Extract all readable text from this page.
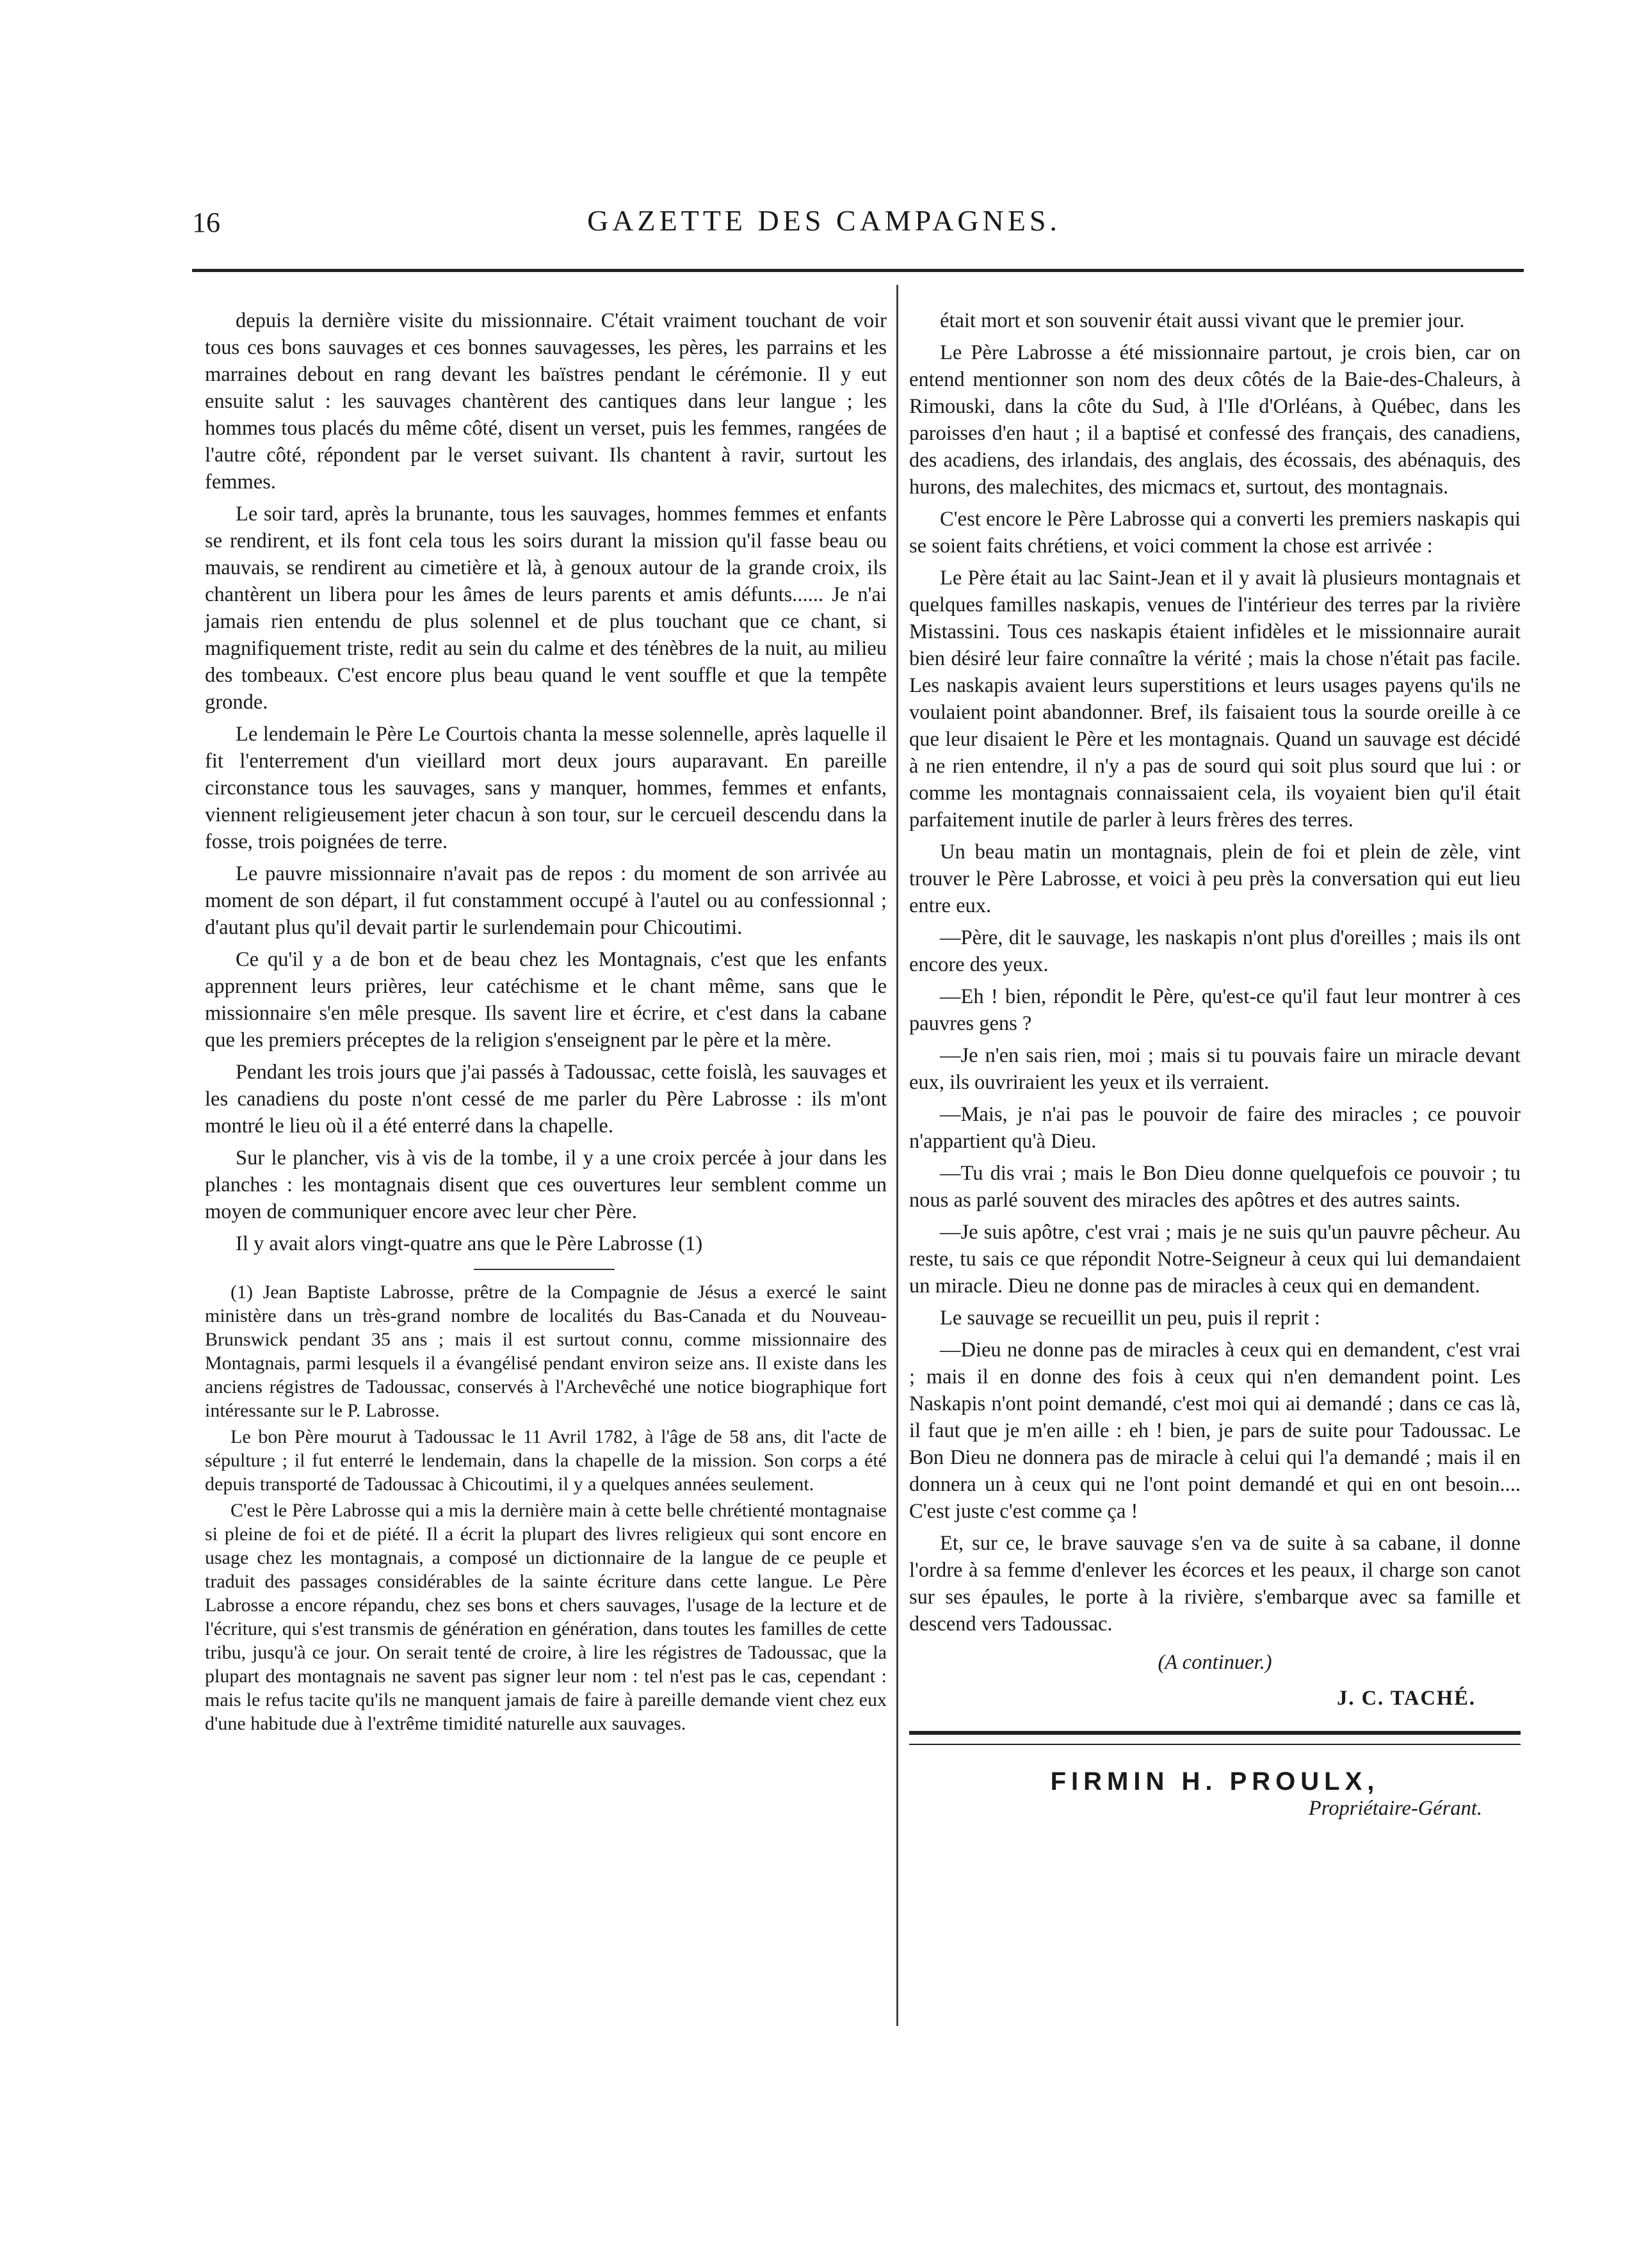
16	GAZETTE DES CAMPAGNES.

depuis la dernière visite du missionnaire. C'était vraiment touchant de voir tous ces bons sauvages et ces bonnes sauvagesses, les pères, les parrains et les marraines debout en rang devant les baïstres pendant le cérémonie. Il y eut ensuite salut : les sauvages chantèrent des cantiques dans leur langue ; les hommes tous placés du même côté, disent un verset, puis les femmes, rangées de l'autre côté, répondent par le verset suivant. Ils chantent à ravir, surtout les femmes.

Le soir tard, après la brunante, tous les sauvages, hommes femmes et enfants se rendirent, et ils font cela tous les soirs durant la mission qu'il fasse beau ou mauvais, se rendirent au cimetière et là, à genoux autour de la grande croix, ils chantèrent un libera pour les âmes de leurs parents et amis défunts...... Je n'ai jamais rien entendu de plus solennel et de plus touchant que ce chant, si magnifiquement triste, redit au sein du calme et des ténèbres de la nuit, au milieu des tombeaux. C'est encore plus beau quand le vent souffle et que la tempête gronde.

Le lendemain le Père Le Courtois chanta la messe solennelle, après laquelle il fit l'enterrement d'un vieillard mort deux jours auparavant. En pareille circonstance tous les sauvages, sans y manquer, hommes, femmes et enfants, viennent religieusement jeter chacun à son tour, sur le cercueil descendu dans la fosse, trois poignées de terre.

Le pauvre missionnaire n'avait pas de repos : du moment de son arrivée au moment de son départ, il fut constamment occupé à l'autel ou au confessionnal ; d'autant plus qu'il devait partir le surlendemain pour Chicoutimi.

Ce qu'il y a de bon et de beau chez les Montagnais, c'est que les enfants apprennent leurs prières, leur catéchisme et le chant même, sans que le missionnaire s'en mêle presque. Ils savent lire et écrire, et c'est dans la cabane que les premiers préceptes de la religion s'enseignent par le père et la mère.

Pendant les trois jours que j'ai passés à Tadoussac, cette foislà, les sauvages et les canadiens du poste n'ont cessé de me parler du Père Labrosse : ils m'ont montré le lieu où il a été enterré dans la chapelle.

Sur le plancher, vis à vis de la tombe, il y a une croix percée à jour dans les planches : les montagnais disent que ces ouvertures leur semblent comme un moyen de communiquer encore avec leur cher Père.

Il y avait alors vingt-quatre ans que le Père Labrosse (1)

(1) Jean Baptiste Labrosse, prêtre de la Compagnie de Jésus a exercé le saint ministère dans un très-grand nombre de localités du Bas-Canada et du Nouveau-Brunswick pendant 35 ans ; mais il est surtout connu, comme missionnaire des Montagnais, parmi lesquels il a évangélisé pendant environ seize ans. Il existe dans les anciens régistres de Tadoussac, conservés à l'Archevêché une notice biographique fort intéressante sur le P. Labrosse.

Le bon Père mourut à Tadoussac le 11 Avril 1782, à l'âge de 58 ans, dit l'acte de sépulture ; il fut enterré le lendemain, dans la chapelle de la mission. Son corps a été depuis transporté de Tadoussac à Chicoutimi, il y a quelques années seulement.

C'est le Père Labrosse qui a mis la dernière main à cette belle chrétienté montagnaise si pleine de foi et de piété. Il a écrit la plupart des livres religieux qui sont encore en usage chez les montagnais, a composé un dictionnaire de la langue de ce peuple et traduit des passages considérables de la sainte écriture dans cette langue. Le Père Labrosse a encore répandu, chez ses bons et chers sauvages, l'usage de la lecture et de l'écriture, qui s'est transmis de génération en génération, dans toutes les familles de cette tribu, jusqu'à ce jour. On serait tenté de croire, à lire les régistres de Tadoussac, que la plupart des montagnais ne savent pas signer leur nom : tel n'est pas le cas, cependant : mais le refus tacite qu'ils ne manquent jamais de faire à pareille demande vient chez eux d'une habitude due à l'extrême timidité naturelle aux sauvages.

était mort et son souvenir était aussi vivant que le premier jour.

Le Père Labrosse a été missionnaire partout, je crois bien, car on entend mentionner son nom des deux côtés de la Baie-des-Chaleurs, à Rimouski, dans la côte du Sud, à l'Ile d'Orléans, à Québec, dans les paroisses d'en haut ; il a baptisé et confessé des français, des canadiens, des acadiens, des irlandais, des anglais, des écossais, des abénaquis, des hurons, des malechites, des micmacs et, surtout, des montagnais.

C'est encore le Père Labrosse qui a converti les premiers naskapis qui se soient faits chrétiens, et voici comment la chose est arrivée :

Le Père était au lac Saint-Jean et il y avait là plusieurs montagnais et quelques familles naskapis, venues de l'intérieur des terres par la rivière Mistassini. Tous ces naskapis étaient infidèles et le missionnaire aurait bien désiré leur faire connaître la vérité ; mais la chose n'était pas facile. Les naskapis avaient leurs superstitions et leurs usages payens qu'ils ne voulaient point abandonner. Bref, ils faisaient tous la sourde oreille à ce que leur disaient le Père et les montagnais. Quand un sauvage est décidé à ne rien entendre, il n'y a pas de sourd qui soit plus sourd que lui : or comme les montagnais connaissaient cela, ils voyaient bien qu'il était parfaitement inutile de parler à leurs frères des terres.

Un beau matin un montagnais, plein de foi et plein de zèle, vint trouver le Père Labrosse, et voici à peu près la conversation qui eut lieu entre eux.

—Père, dit le sauvage, les naskapis n'ont plus d'oreilles ; mais ils ont encore des yeux.

—Eh ! bien, répondit le Père, qu'est-ce qu'il faut leur montrer à ces pauvres gens ?

—Je n'en sais rien, moi ; mais si tu pouvais faire un miracle devant eux, ils ouvriraient les yeux et ils verraient.

—Mais, je n'ai pas le pouvoir de faire des miracles ; ce pouvoir n'appartient qu'à Dieu.

—Tu dis vrai ; mais le Bon Dieu donne quelquefois ce pouvoir ; tu nous as parlé souvent des miracles des apôtres et des autres saints.

—Je suis apôtre, c'est vrai ; mais je ne suis qu'un pauvre pêcheur. Au reste, tu sais ce que répondit Notre-Seigneur à ceux qui lui demandaient un miracle. Dieu ne donne pas de miracles à ceux qui en demandent.

Le sauvage se recueillit un peu, puis il reprit :

—Dieu ne donne pas de miracles à ceux qui en demandent, c'est vrai ; mais il en donne des fois à ceux qui n'en demandent point. Les Naskapis n'ont point demandé, c'est moi qui ai demandé ; dans ce cas là, il faut que je m'en aille : eh ! bien, je pars de suite pour Tadoussac. Le Bon Dieu ne donnera pas de miracle à celui qui l'a demandé ; mais il en donnera un à ceux qui ne l'ont point demandé et qui en ont besoin.... C'est juste c'est comme ça !

Et, sur ce, le brave sauvage s'en va de suite à sa cabane, il donne l'ordre à sa femme d'enlever les écorces et les peaux, il charge son canot sur ses épaules, le porte à la rivière, s'embarque avec sa famille et descend vers Tadoussac.

(A continuer.)
J. C. TACHÉ.
FIRMIN H. PROULX,
Propriétaire-Gérant.
